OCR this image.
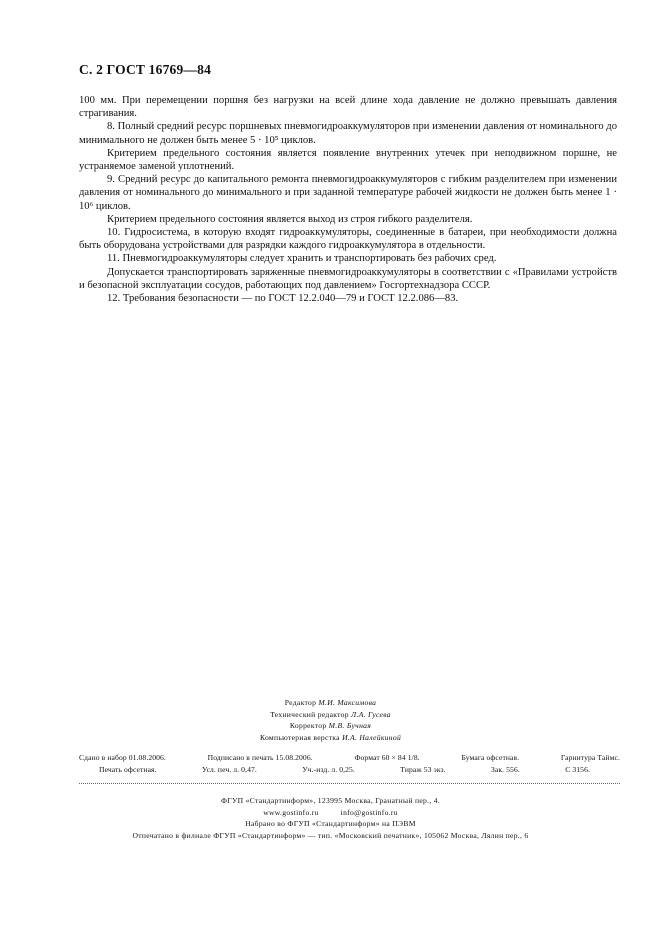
С. 2 ГОСТ 16769—84

100 мм. При перемещении поршня без нагрузки на всей длине хода давление не должно превышать давления страгивания.

8. Полный средний ресурс поршневых пневмогидроаккумуляторов при изменении давления от номинального до минимального не должен быть менее 5 · 10⁵ циклов.

Критерием предельного состояния является появление внутренних утечек при неподвижном поршне, не устраняемое заменой уплотнений.

9. Средний ресурс до капитального ремонта пневмогидроаккумуляторов с гибким разделителем при изменении давления от номинального до минимального и при заданной температуре рабочей жидкости не должен быть менее 1 · 10⁶ циклов.

Критерием предельного состояния является выход из строя гибкого разделителя.

10. Гидросистема, в которую входят гидроаккумуляторы, соединенные в батареи, при необходимости должна быть оборудована устройствами для разрядки каждого гидроаккумулятора в отдельности.

11. Пневмогидроаккумуляторы следует хранить и транспортировать без рабочих сред.

Допускается транспортировать заряженные пневмогидроаккумуляторы в соответствии с «Правилами устройств и безопасной эксплуатации сосудов, работающих под давлением» Госгортехнадзора СССР.

12. Требования безопасности — по ГОСТ 12.2.040—79 и ГОСТ 12.2.086—83.

Редактор М.И. Максимова
Технический редактор Л.А. Гусева
Корректор М.В. Бучная
Компьютерная верстка И.А. Налейкиной
Сдано в набор 01.08.2006.	Подписано в печать 15.08.2006.	Формат 60 × 84 1/8.	Бумага офсетная.	Гарнитура Таймс.
Печать офсетная.	Усл. печ. л. 0,47.	Уч.-изд. л. 0,25.	Тираж 53 экз.	Зак. 556.	С 3156.
ФГУП «Стандартинформ», 123995 Москва, Гранатный пер., 4.
www.gostinfo.ru	info@gostinfo.ru
Набрано во ФГУП «Стандартинформ» на ПЭВМ
Отпечатано в филиале ФГУП «Стандартинформ» — тип. «Московский печатник», 105062 Москва, Лялин пер., 6
